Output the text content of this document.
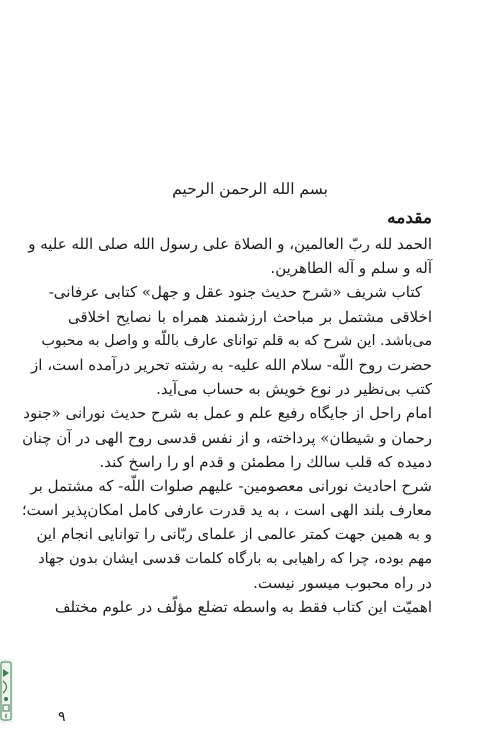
بسم الله الرحمن الرحيم
مقدمه
الحمد لله ربّ العالمين، و الصلاة على رسول الله صلى الله عليه و
آله و سلم و آله الطاهرين.
كتاب شريف «شرح حديث جنود عقل و جهل» كتابى عرفانى-
اخلاقى مشتمل بر مباحث ارزشمند همراه با نصايح اخلاقى
مى‌باشد. اين شرح كه به قلم توانای عارف باللّه و واصل به محبوب
حضرت روح اللّه- سلام الله عليه- به رشته تحرير درآمده است، از
كتب بى‌نظير در نوع خويش به حساب مى‌آيد.
امام راحل از جايگاه رفيع علم و عمل به شرح حديث نورانى «جنود
رحمان و شيطان» پرداخته، و از نفس قدسى روح الهى در آن چنان
دميده كه قلب سالك را مطمئن و قدم او را راسخ كند.
شرح احاديث نورانى معصومين- عليهم صلوات اللّه- كه مشتمل بر
معارف بلند الهى است ، به يد قدرت عارفى كامل امكان‌پذير است؛
و به همين جهت كمتر عالمى از علماى ربّانى را توانايى انجام اين
مهم بوده، چرا كه راهيابى به بارگاه كلمات قدسى ايشان بدون جهاد
در راه محبوب ميسور نيست.
اهمیّت اين كتاب فقط به واسطه تضلع مؤلّف در علوم مختلف
۹
